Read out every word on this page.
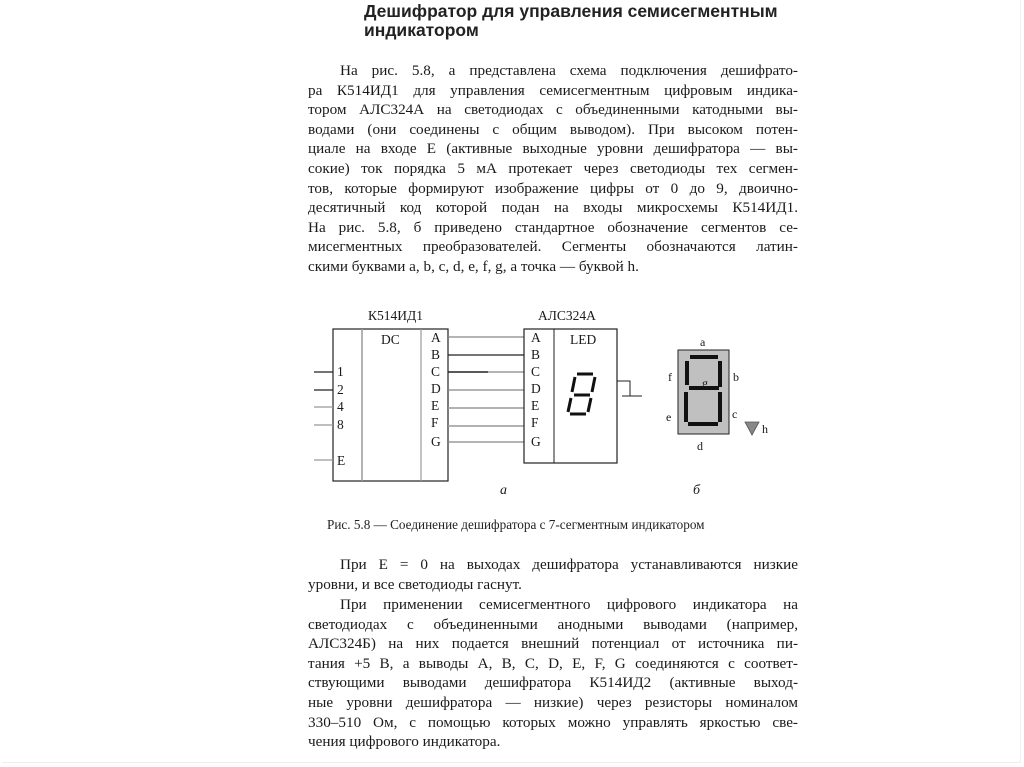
Дешифратор для управления семисегментным
индикатором
На рис. 5.8, а представлена схема подключения дешифрато-
ра К514ИД1 для управления семисегментным цифровым индика-
тором АЛС324А на светодиодах с объединенными катодными вы-
водами (они соединены с общим выводом). При высоком потен-
циале на входе E (активные выходные уровни дешифратора — вы-
сокие) ток порядка 5 мА протекает через светодиоды тех сегмен-
тов, которые формируют изображение цифры от 0 до 9, двоично-
десятичный код которой подан на входы микросхемы К514ИД1.
На рис. 5.8, б приведено стандартное обозначение сегментов се-
мисегментных преобразователей. Сегменты обозначаются латин-
скими буквами a, b, c, d, e, f, g, а точка — буквой h.
К514ИД1
DC
1
2
4
8
E
A
B
C
D
E
F
G
АЛС324А
LED
A
B
C
D
E
F
G
a
f	b
g
e	c
d
h
а	б
Рис. 5.8 — Соединение дешифратора с 7-сегментным индикатором
При E = 0 на выходах дешифратора устанавливаются низкие
уровни, и все светодиоды гаснут.
При применении семисегментного цифрового индикатора на
светодиодах с объединенными анодными выводами (например,
АЛС324Б) на них подается внешний потенциал от источника пи-
тания +5 В, а выводы A, B, C, D, E, F, G соединяются с соответ-
ствующими выводами дешифратора К514ИД2 (активные выход-
ные уровни дешифратора — низкие) через резисторы номиналом
330–510 Ом, с помощью которых можно управлять яркостью све-
чения цифрового индикатора.
